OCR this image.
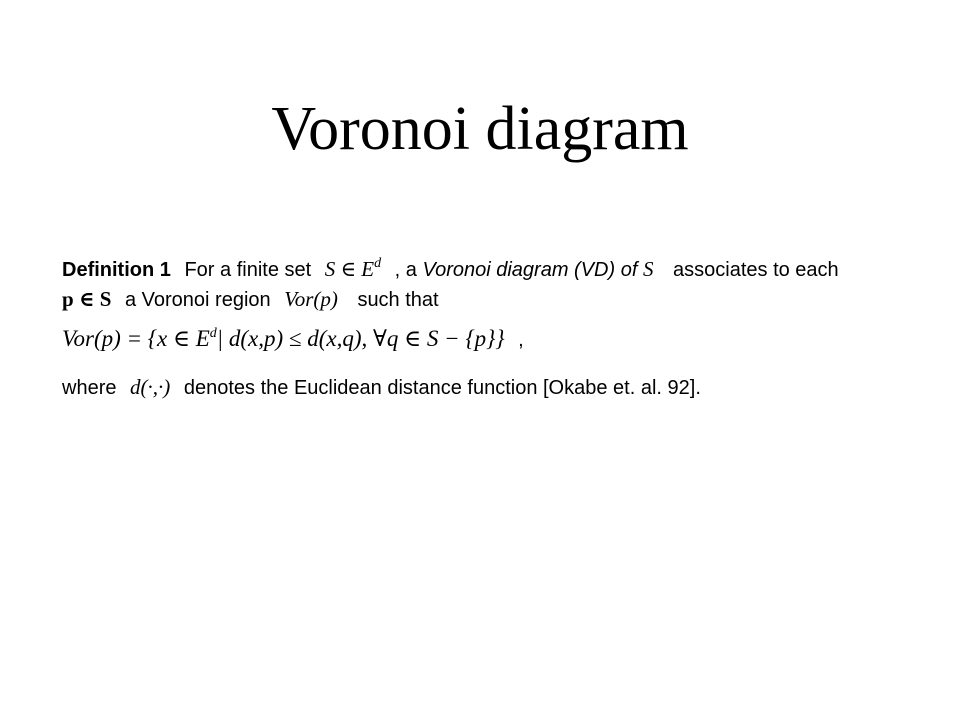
Voronoi diagram
Definition 1 For a finite set S ∈ $E^d$ , a Voronoi diagram (VD) of S associates to each
p ∈ S a Voronoi region Vor(p) such that
Vor(p) = {x ∈ $E^d|$ d(x,p) ≤ d(x,q), ∀q ∈ S − {p}} ,
where d(·,·) denotes the Euclidean distance function [Okabe et. al. 92].
